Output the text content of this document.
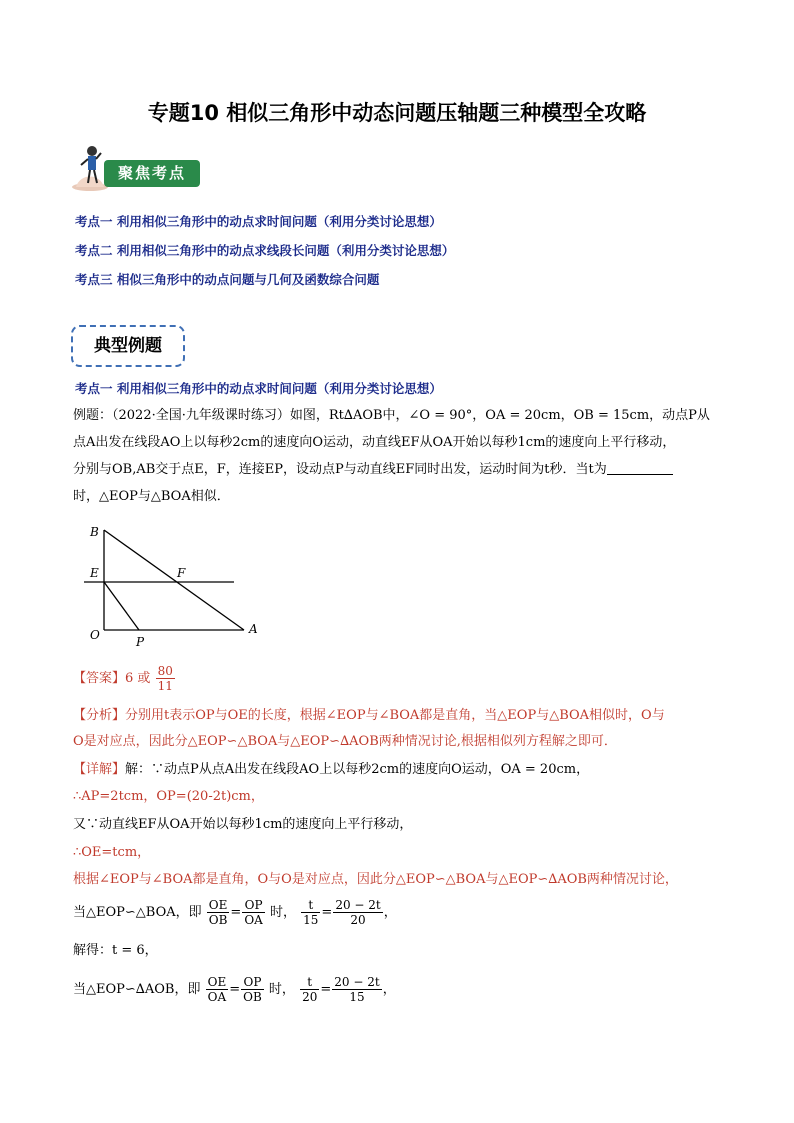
专题10 相似三角形中动态问题压轴题三种模型全攻略
聚焦考点
考点一 利用相似三角形中的动点求时间问题（利用分类讨论思想）
考点二 利用相似三角形中的动点求线段长问题（利用分类讨论思想）
考点三 相似三角形中的动点问题与几何及函数综合问题
典型例题
考点一 利用相似三角形中的动点求时间问题（利用分类讨论思想）
例题：（2022·全国·九年级课时练习）如图，Rt∆AOB中，∠O = 90°，OA = 20cm，OB = 15cm，动点P从
点A出发在线段AO上以每秒2cm的速度向O运动，动直线EF从OA开始以每秒1cm的速度向上平行移动，
分别与OB,AB交于点E，F，连接EP，设动点P与动直线EF同时出发，运动时间为t秒．当t为
时，△EOP与△BOA相似．
B
E	F
O	P
A
【答案】6 或 $\frac{80}{11}$
【分析】分别用t表示OP与OE的长度，根据∠EOP与∠BOA都是直角，当△EOP与△BOA相似时，O与
O是对应点，因此分△EOP∽△BOA与△EOP∽∆AOB两种情况讨论,根据相似列方程解之即可．
【详解】解：∵动点P从点A出发在线段AO上以每秒2cm的速度向O运动，OA = 20cm，
∴AP=2tcm，OP=(20-2t)cm，
又∵动直线EF从OA开始以每秒1cm的速度向上平行移动，
∴OE=tcm，
根据∠EOP与∠BOA都是直角，O与O是对应点，因此分△EOP∽△BOA与△EOP∽∆AOB两种情况讨论，
当△EOP∽△BOA，即 $\frac{OE}{OB} = \frac{OP}{OA}$ 时， $\frac{t}{15} = \frac{20 - 2t}{20}$ ，
解得：t = 6，
当△EOP∽∆AOB，即 $\frac{OE}{OA} = \frac{OP}{OB}$ 时， $\frac{t}{20} = \frac{20 - 2t}{15}$ ，
